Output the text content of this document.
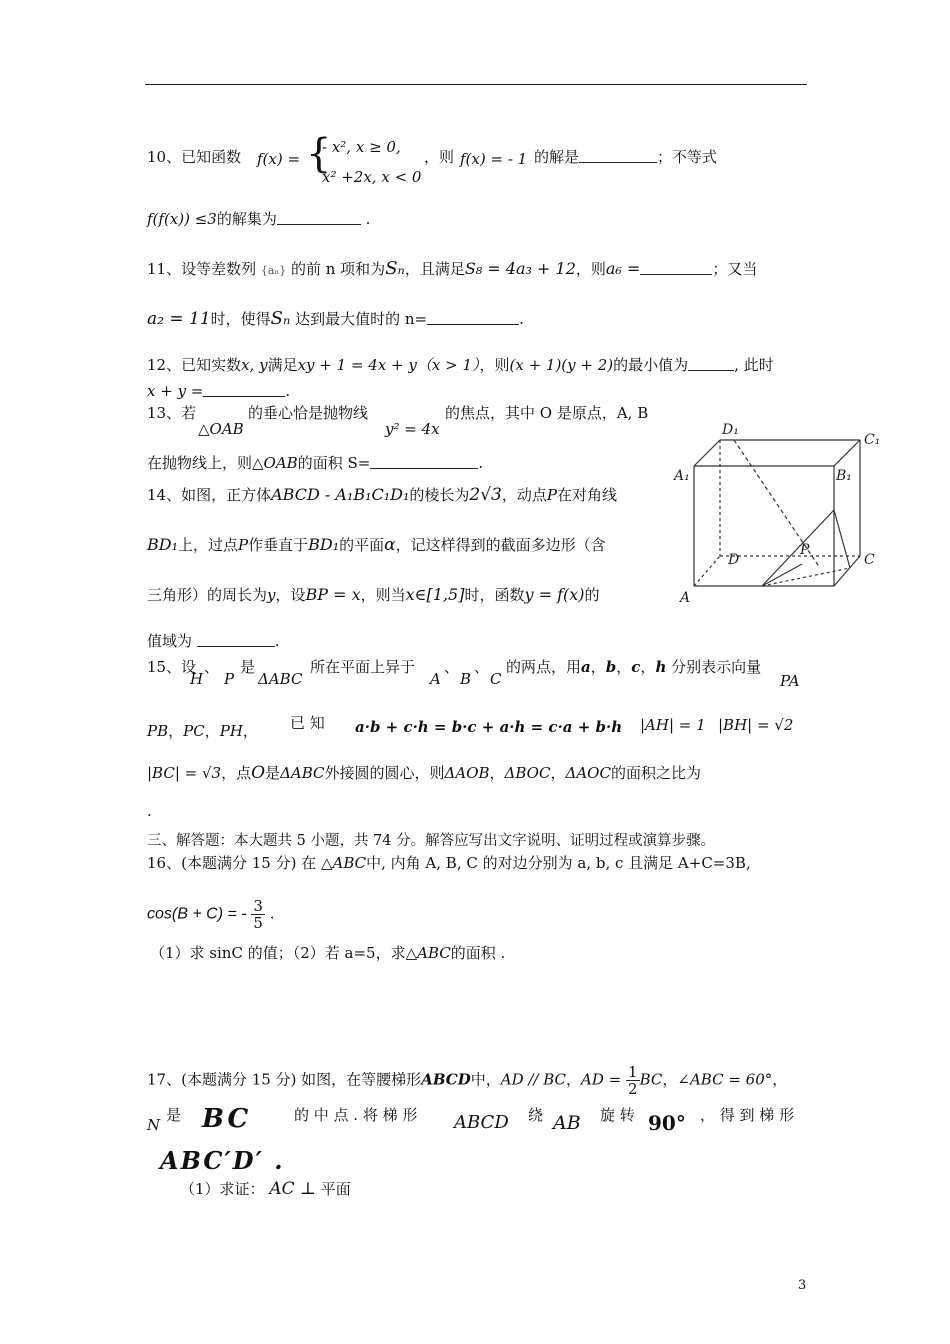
10、已知函数 f(x) = {
- x², x ≥ 0,
x² +2x, x < 0
，则 f(x) = - 1 的解是	；不等式
f(f(x)) ≤3的解集为	.
11、设等差数列 {aₙ} 的前 n 项和为Sₙ，且满足S₈ = 4a₃ + 12，则a₆ =	；又当
a₂ = 11时，使得Sₙ 达到最大值时的 n=	.
12、已知实数x, y满足xy + 1 = 4x + y（x > 1），则(x + 1)(y + 2)的最小值为	, 此时
x + y =	.
13、若
△OAB
的垂心恰是抛物线
y² = 4x
的焦点，其中 O 是原点，A, B
在抛物线上，则△OAB的面积 S=	.
14、如图，正方体ABCD - A₁B₁C₁D₁的棱长为2√3，动点P在对角线
BD₁上，过点P作垂直于BD₁的平面α，记这样得到的截面多边形（含
三角形）的周长为y，设BP = x，则当x∈[1,5]时，函数y = f(x)的
值域为	.
D₁
C₁
A₁	B₁
D	C
P
A
15、设
H
、
P
是
ΔABC
所在平面上异于
A
、
B
、
C
的两点，用a，b，c，h 分别表示向量
PA
PB，PC，PH， 已 知 a·b + c·h = b·c + a·h = c·a + b·h |AH| = 1 |BH| = √2
|BC| = √3，点O是ΔABC外接圆的圆心，则ΔAOB，ΔBOC，ΔAOC的面积之比为
.
三、解答题：本大题共 5 小题，共 74 分。解答应写出文字说明、证明过程或演算步骤。
16、(本题满分 15 分) 在 △ABC中, 内角 A, B, C 的对边分别为 a, b, c 且满足 A+C=3B,
cos(B + C) = - $\frac{3}{5}$ .
（1）求 sinC 的值；（2）若 a=5，求△ABC的面积 .
17、(本题满分 15 分) 如图，在等腰梯形ABCD中，AD // BC，AD = $\frac{1}{2}$ BC，∠ABC = 60°，
N
是 BC	的 中 点 . 将 梯 形 ABCD 绕 AB 旋 转 90° ， 得 到 梯 形
ABC′D′ .
（1）求证： AC ⊥ 平面
3
